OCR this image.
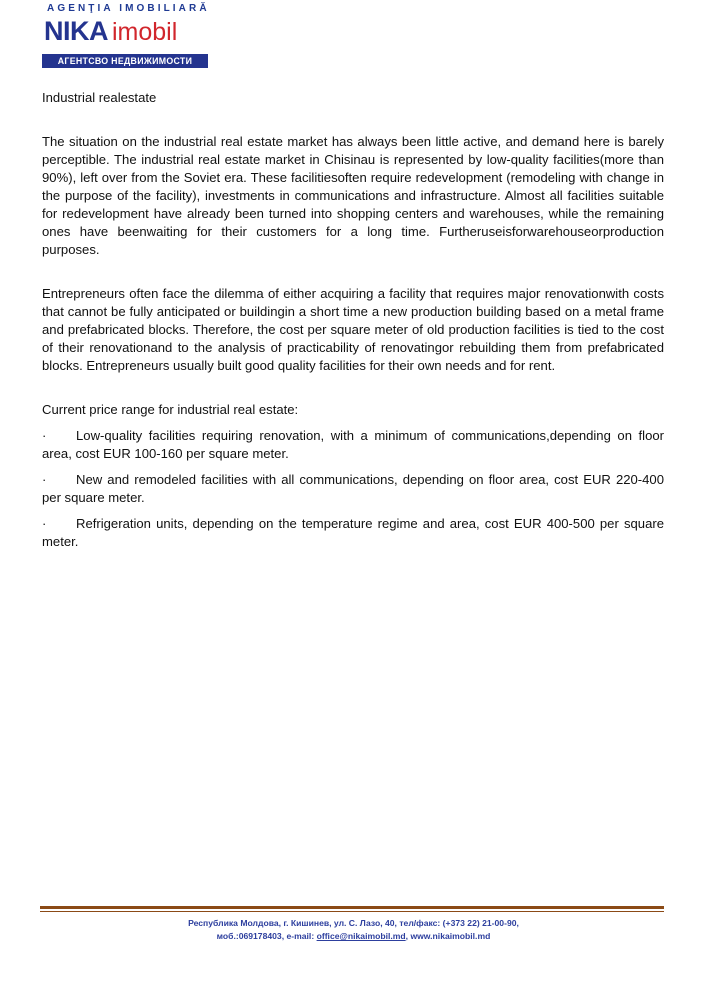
AGENŢIA IMOBILIARĂ
NIKA imobil
АГЕНТСВО НЕДВИЖИМОСТИ
Industrial realestate
The situation on the industrial real estate market has always been little active, and demand here is barely perceptible. The industrial real estate market in Chisinau is represented by low-quality facilities(more than 90%), left over from the Soviet era. These facilitiesoften require redevelopment (remodeling with change in the purpose of the facility), investments in communications and infrastructure. Almost all facilities suitable for redevelopment have already been turned into shopping centers and warehouses, while the remaining ones have beenwaiting for their customers for a long time. Furtheruseisforwarehouseorproduction purposes.
Entrepreneurs often face the dilemma of either acquiring a facility that requires major renovationwith costs that cannot be fully anticipated or buildingin a short time a new production building based on a metal frame and prefabricated blocks. Therefore, the cost per square meter of old production facilities is tied to the cost of their renovationand to the analysis of practicability of renovatingor rebuilding them from prefabricated blocks. Entrepreneurs usually built good quality facilities for their own needs and for rent.
Current price range for industrial real estate:
· Low-quality facilities requiring renovation, with a minimum of communications,depending on floor area, cost EUR 100-160 per square meter.
· New and remodeled facilities with all communications, depending on floor area, cost EUR 220-400 per square meter.
· Refrigeration units, depending on the temperature regime and area, cost EUR 400-500 per square meter.
Республика Молдова, г. Кишинев, ул. С. Лазо, 40, тел/факс: (+373 22) 21-00-90,
моб.:069178403, e-mail: office@nikaimobil.md, www.nikaimobil.md
